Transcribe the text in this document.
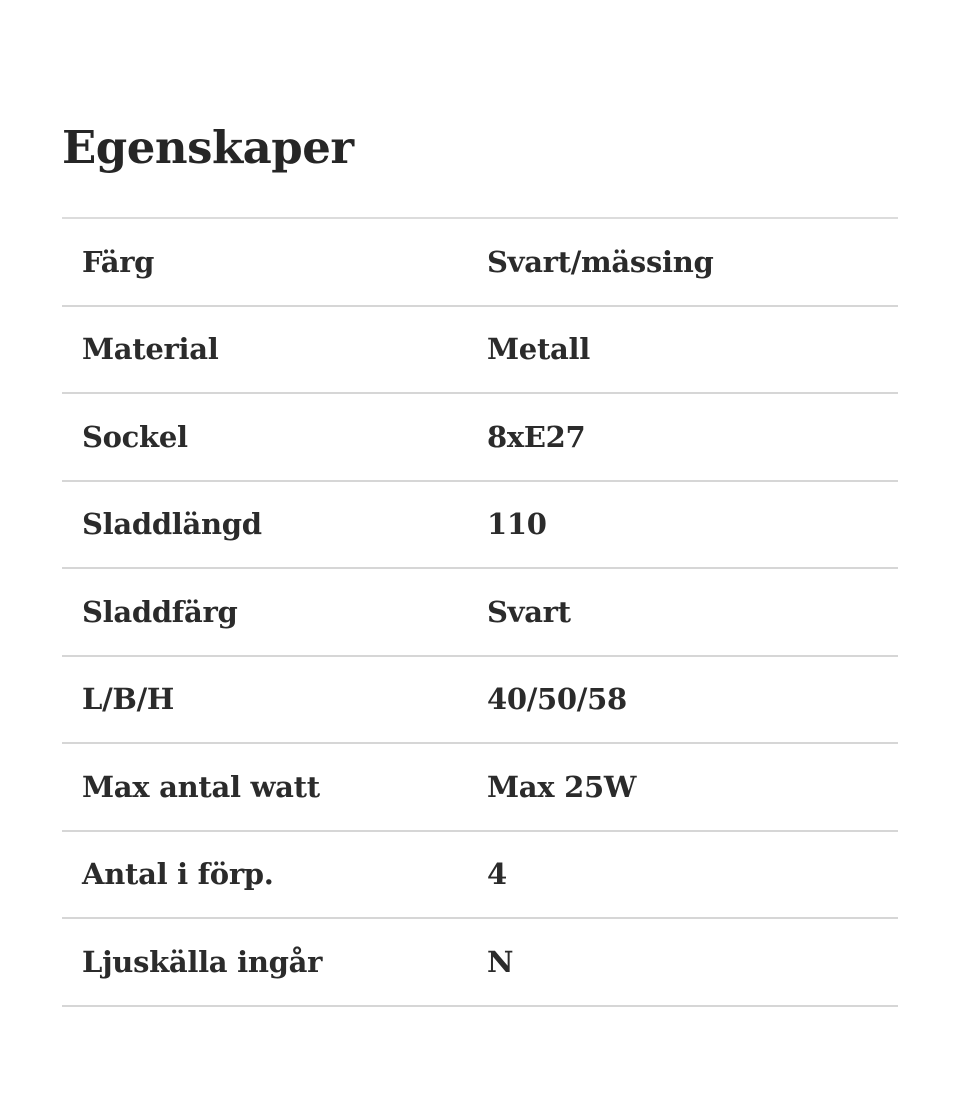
Egenskaper
Färg	Svart/mässing
Material	Metall
Sockel	8xE27
Sladdlängd	110
Sladdfärg	Svart
L/B/H	40/50/58
Max antal watt	Max 25W
Antal i förp.	4
Ljuskälla ingår	N
